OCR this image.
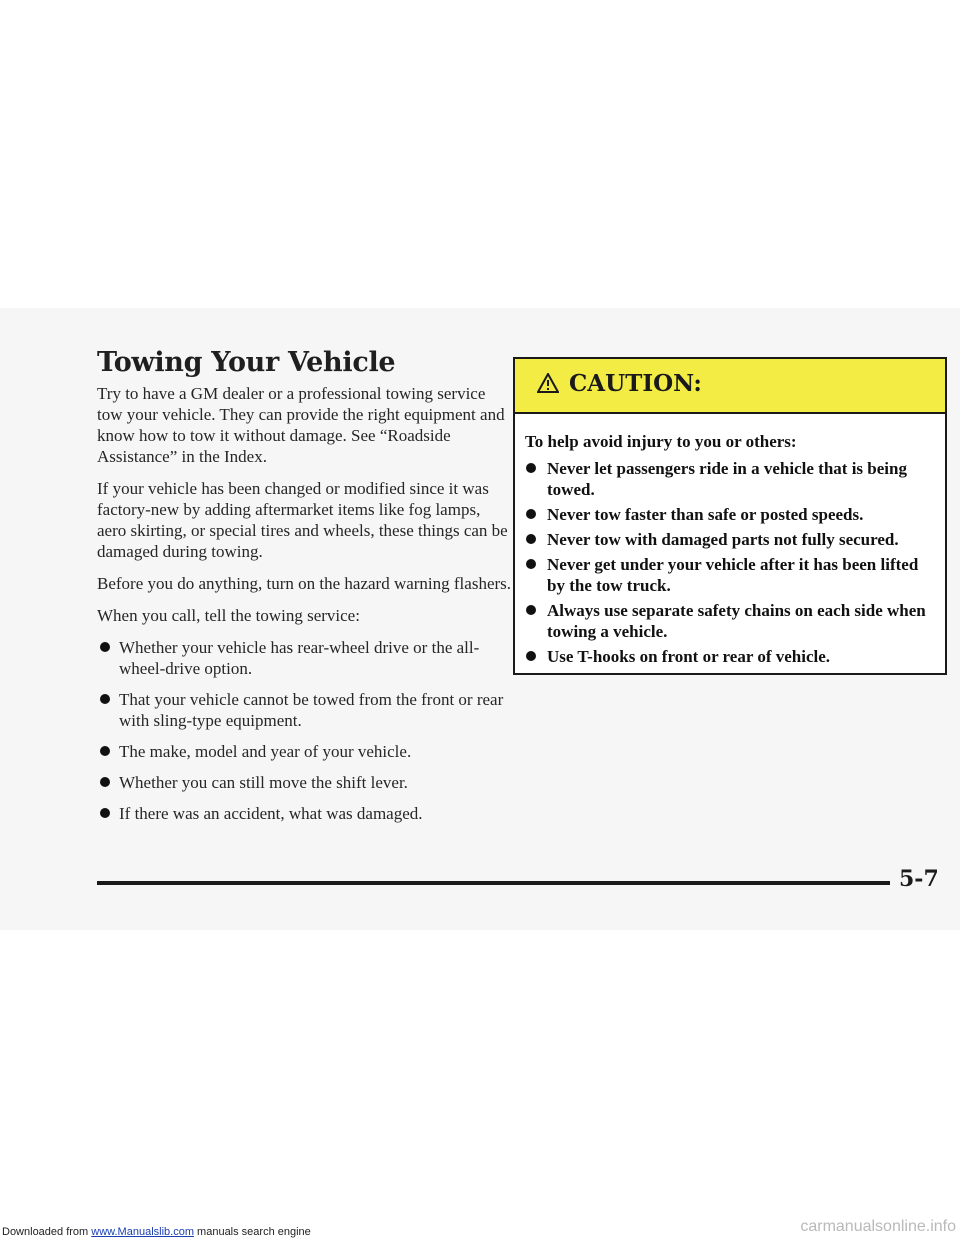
Towing Your Vehicle

Try to have a GM dealer or a professional towing service tow your vehicle. They can provide the right equipment and know how to tow it without damage. See “Roadside Assistance” in the Index.

If your vehicle has been changed or modified since it was factory-new by adding aftermarket items like fog lamps, aero skirting, or special tires and wheels, these things can be damaged during towing.

Before you do anything, turn on the hazard warning flashers.

When you call, tell the towing service:

Whether your vehicle has rear-wheel drive or the all-wheel-drive option.
That your vehicle cannot be towed from the front or rear with sling-type equipment.
The make, model and year of your vehicle.
Whether you can still move the shift lever.
If there was an accident, what was damaged.
CAUTION:

To help avoid injury to you or others:

Never let passengers ride in a vehicle that is being towed.
Never tow faster than safe or posted speeds.
Never tow with damaged parts not fully secured.
Never get under your vehicle after it has been lifted by the tow truck.
Always use separate safety chains on each side when towing a vehicle.
Use T-hooks on front or rear of vehicle.
5-7
Downloaded from www.Manualslib.com manuals search engine	carmanualsonline.info
